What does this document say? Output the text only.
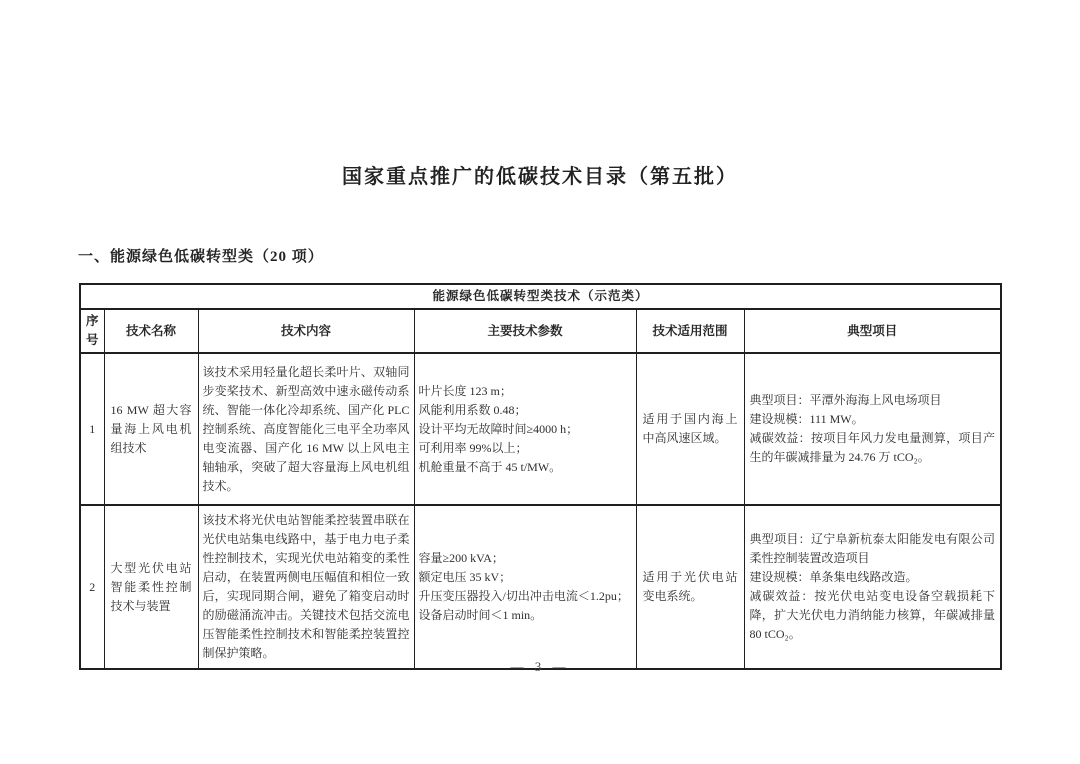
国家重点推广的低碳技术目录（第五批）
一、能源绿色低碳转型类（20 项）
能源绿色低碳转型类技术（示范类）					
序号	技术名称	技术内容	主要技术参数	技术适用范围	典型项目
1	16 MW 超大容量海上风电机组技术	该技术采用轻量化超长柔叶片、双轴同步变桨技术、新型高效中速永磁传动系统、智能一体化冷却系统、国产化 PLC 控制系统、高度智能化三电平全功率风电变流器、国产化 16 MW 以上风电主轴轴承，突破了超大容量海上风电机组技术。	叶片长度 123 m；
风能利用系数 0.48；
设计平均无故障时间≥4000 h；
可利用率 99%以上；
机舱重量不高于 45 t/MW。	适用于国内海上中高风速区域。	典型项目：平潭外海海上风电场项目
建设规模：111 MW。
减碳效益：按项目年风力发电量测算，项目产生的年碳减排量为 24.76 万 tCO₂。

2	大型光伏电站智能柔性控制技术与装置	该技术将光伏电站智能柔控装置串联在光伏电站集电线路中，基于电力电子柔性控制技术，实现光伏电站箱变的柔性启动，在装置两侧电压幅值和相位一致后，实现同期合闸，避免了箱变启动时的励磁涌流冲击。关键技术包括交流电压智能柔性控制技术和智能柔控装置控制保护策略。	容量≥200 kVA；
额定电压 35 kV；
升压变压器投入/切出冲击电流＜1.2pu；
设备启动时间＜1 min。	适用于光伏电站变电系统。	典型项目：辽宁阜新杭泰太阳能发电有限公司柔性控制装置改造项目
建设规模：单条集电线路改造。
减碳效益：按光伏电站变电设备空载损耗下降，扩大光伏电力消纳能力核算，年碳减排量 80 tCO₂。
— 3 —
